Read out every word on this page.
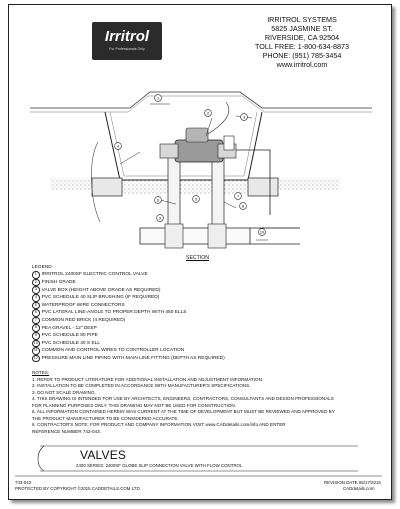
Irritrol
For Professionals Only
IRRITROL SYSTEMS
5825 JASMINE ST.
RIVERSIDE, CA 92504
TOLL FREE: 1-800-634-8873
PHONE: (951) 785-3454
www.irritrol.com
1
2
3
4
5
6
7
8
9
10
SECTION
LEGEND
1 IRRITROL 2400SF ELECTRIC CONTROL VALVE
2 FINISH GRADE
3 VALVE BOX (HEIGHT ABOVE GRADE AS REQUIRED)
4 PVC SCHEDULE 40 SLIP BRUSHING (IF REQUIRED)
5 WATERPROOF WIRE CONNECTORS
6 PVC LATERAL LINE-ANGLE TO PROPER DEPTH WITH 450 ELLS
7 COMMON RED BRICK (4 REQUIRED)
8 PEA GRAVEL - 12" DEEP
9 PVC SCHEDULE 80 PIPE
10 PVC SCHEDULE 40 S ELL
11 COMMON AND CONTROL WIRES TO CONTROLLER LOCATION
12 PRESSURE MAIN LINE PIPING WITH MAIN LINE FITTING (DEPTH AS REQUIRED)
NOTES:
1. REFER TO PRODUCT LITERATURE FOR ADDITIONAL INSTALLATION AND ADJUSTMENT INFORMATION.
2. INSTALLATION TO BE COMPLETED IN ACCORDANCE WITH MANUFACTURER'S SPECIFICATIONS.
3. DO NOT SCALE DRAWING.
4. THIS DRAWING IS INTENDED FOR USE BY ARCHITECTS, ENGINEERS, CONTRACTORS, CONSULTANTS AND DESIGN PROFESSIONALS
FOR PLANNING PURPOSES ONLY. THIS DRAWING MAY NOT BE USED FOR CONSTRUCTION.
5. ALL INFORMATION CONTAINED HEREIN WAS CURRENT AT THE TIME OF DEVELOPMENT BUT MUST BE REVIEWED AND APPROVED BY
THE PRODUCT MANUFACTURER TO BE CONSIDERED ACCURATE.
6. CONTRACTOR'S NOTE: FOR PRODUCT AND COMPANY INFORMATION VISIT www.CADdetails.com/info AND ENTER
REFERENCE NUMBER 743-043.
VALVES
2400 SERIES: 2400SF GLOBE SLIP CONNECTION VALVE WITH FLOW CONTROL
743-043	REVISION DATE 06/17/2015
PROTECTED BY COPYRIGHT ©2015 CADDETAILS.COM LTD.	CADdetails.com
